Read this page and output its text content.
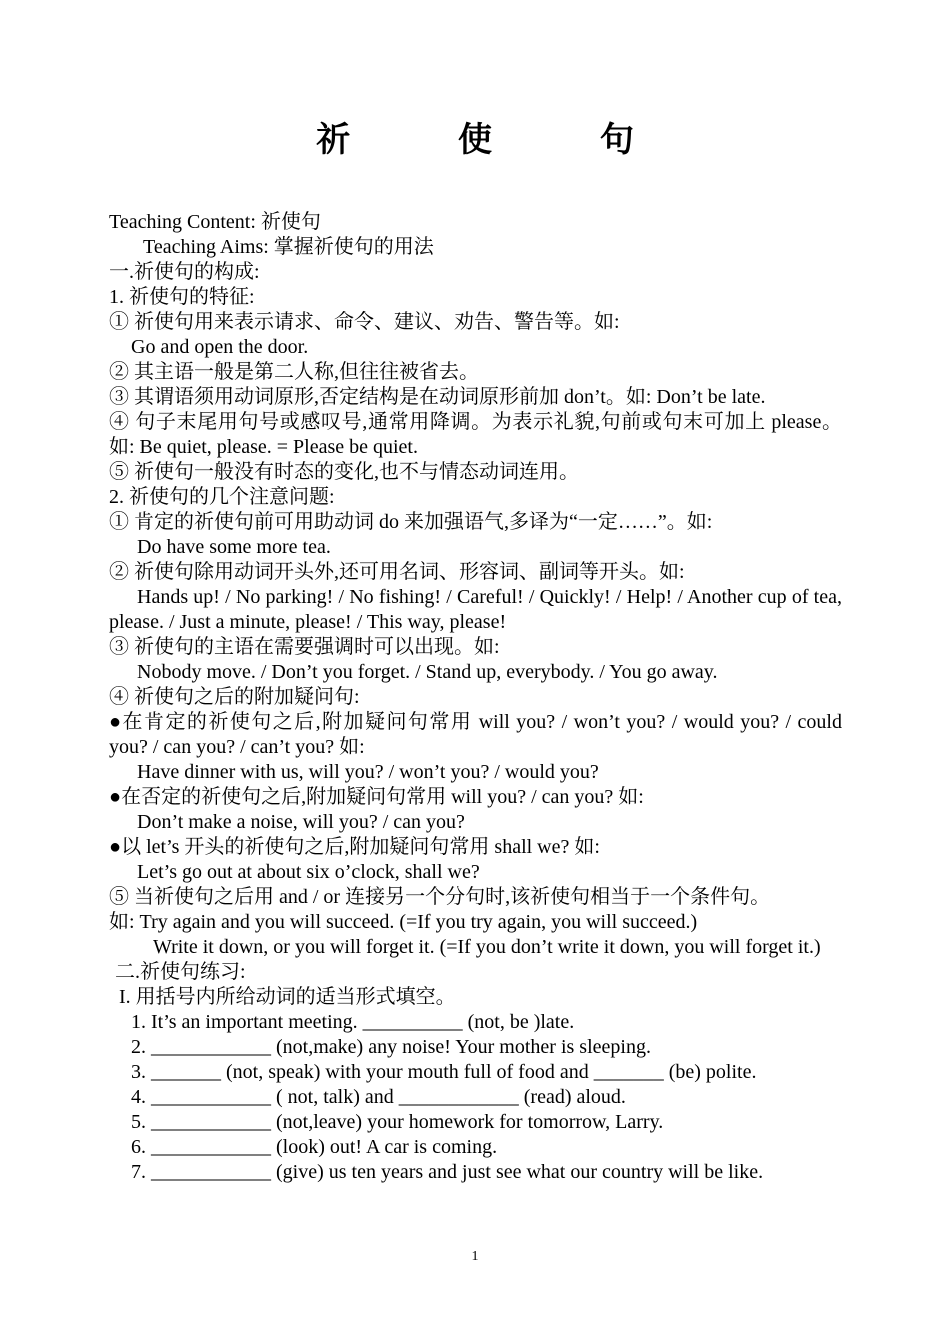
祈 使 句
Teaching Content: 祈使句
Teaching Aims: 掌握祈使句的用法
一.祈使句的构成:
1. 祈使句的特征:
① 祈使句用来表示请求、命令、建议、劝告、警告等。如:
Go and open the door.
② 其主语一般是第二人称,但往往被省去。
③ 其谓语须用动词原形,否定结构是在动词原形前加 don’t。如: Don’t be late.
④ 句子末尾用句号或感叹号,通常用降调。为表示礼貌,句前或句末可加上 please。如: Be quiet, please. = Please be quiet.
⑤ 祈使句一般没有时态的变化,也不与情态动词连用。
2. 祈使句的几个注意问题:
① 肯定的祈使句前可用助动词 do 来加强语气,多译为“一定……”。如:
Do have some more tea.
② 祈使句除用动词开头外,还可用名词、形容词、副词等开头。如:
Hands up! / No parking! / No fishing! / Careful! / Quickly! / Help! / Another cup of tea, please. / Just a minute, please! / This way, please!
③ 祈使句的主语在需要强调时可以出现。如:
Nobody move. / Don’t you forget. / Stand up, everybody. / You go away.
④ 祈使句之后的附加疑问句:
●在肯定的祈使句之后,附加疑问句常用 will you? / won’t you? / would you? / could you? / can you? / can’t you? 如:
Have dinner with us, will you? / won’t you? / would you?
●在否定的祈使句之后,附加疑问句常用 will you? / can you? 如:
Don’t make a noise, will you? / can you?
●以 let’s 开头的祈使句之后,附加疑问句常用 shall we? 如:
Let’s go out at about six o’clock, shall we?
⑤ 当祈使句之后用 and / or 连接另一个分句时,该祈使句相当于一个条件句。
如: Try again and you will succeed. (=If you try again, you will succeed.)
Write it down, or you will forget it. (=If you don’t write it down, you will forget it.)
二.祈使句练习:
I. 用括号内所给动词的适当形式填空。
1. It’s an important meeting. __________ (not, be )late.
2. ____________ (not,make) any noise! Your mother is sleeping.
3. _______ (not, speak) with your mouth full of food and _______ (be) polite.
4. ____________ ( not, talk) and ____________ (read) aloud.
5. ____________ (not,leave) your homework for tomorrow, Larry.
6. ____________ (look) out! A car is coming.
7. ____________ (give) us ten years and just see what our country will be like.
1
